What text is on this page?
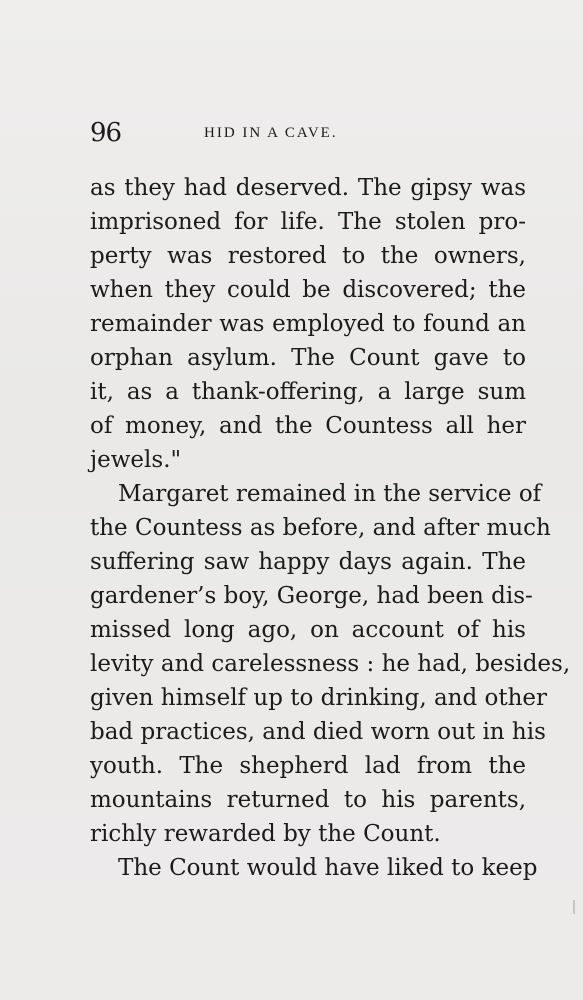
96	HID IN A CAVE.
as they had deserved. The gipsy was
imprisoned for life. The stolen pro-
perty was restored to the owners,
when they could be discovered; the
remainder was employed to found an
orphan asylum. The Count gave to
it, as a thank-offering, a large sum
of money, and the Countess all her
jewels."
Margaret remained in the service of
the Countess as before, and after much
suffering saw happy days again. The
gardener’s boy, George, had been dis-
missed long ago, on account of his
levity and carelessness : he had, besides,
given himself up to drinking, and other
bad practices, and died worn out in his
youth. The shepherd lad from the
mountains returned to his parents,
richly rewarded by the Count.
The Count would have liked to keep
